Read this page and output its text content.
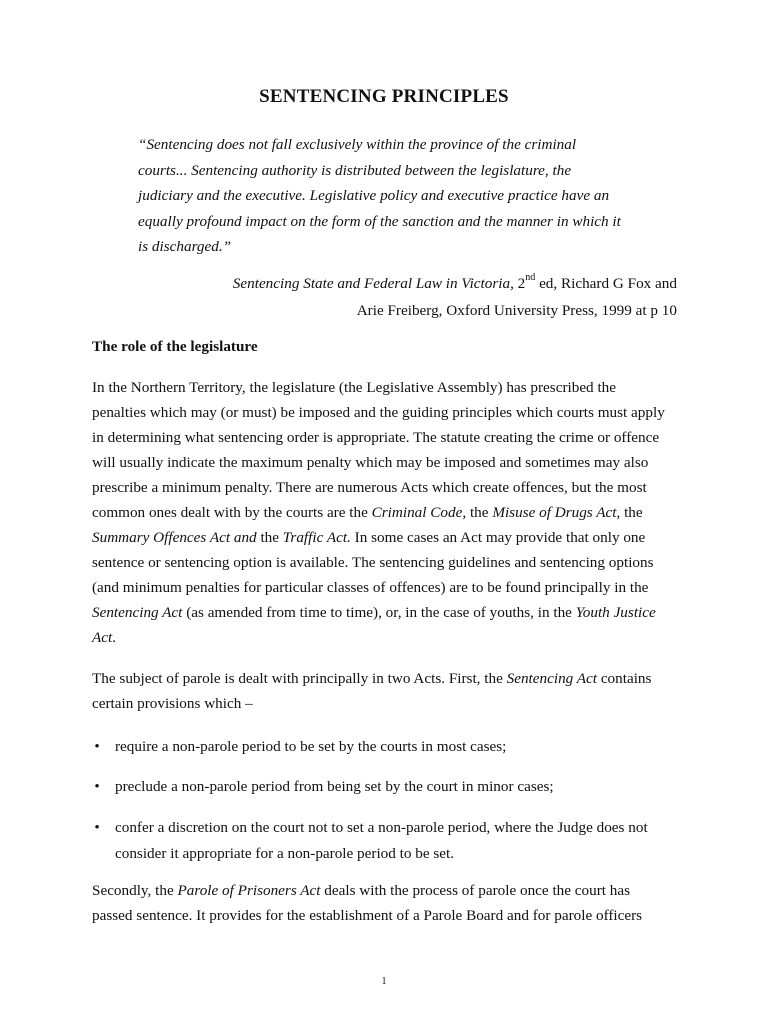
SENTENCING PRINCIPLES
“Sentencing does not fall exclusively within the province of the criminal
courts... Sentencing authority is distributed between the legislature, the
judiciary and the executive. Legislative policy and executive practice have an
equally profound impact on the form of the sanction and the manner in which it
is discharged.”
Sentencing State and Federal Law in Victoria, 2nd ed, Richard G Fox and
Arie Freiberg, Oxford University Press, 1999 at p 10
The role of the legislature
In the Northern Territory, the legislature (the Legislative Assembly) has prescribed the
penalties which may (or must) be imposed and the guiding principles which courts must apply
in determining what sentencing order is appropriate. The statute creating the crime or offence
will usually indicate the maximum penalty which may be imposed and sometimes may also
prescribe a minimum penalty. There are numerous Acts which create offences, but the most
common ones dealt with by the courts are the Criminal Code, the Misuse of Drugs Act, the
Summary Offences Act and the Traffic Act. In some cases an Act may provide that only one
sentence or sentencing option is available. The sentencing guidelines and sentencing options
(and minimum penalties for particular classes of offences) are to be found principally in the
Sentencing Act (as amended from time to time), or, in the case of youths, in the Youth Justice
Act.
The subject of parole is dealt with principally in two Acts. First, the Sentencing Act contains
certain provisions which –
• require a non-parole period to be set by the courts in most cases;
• preclude a non-parole period from being set by the court in minor cases;
• confer a discretion on the court not to set a non-parole period, where the Judge does not
consider it appropriate for a non-parole period to be set.
Secondly, the Parole of Prisoners Act deals with the process of parole once the court has
passed sentence. It provides for the establishment of a Parole Board and for parole officers
1
